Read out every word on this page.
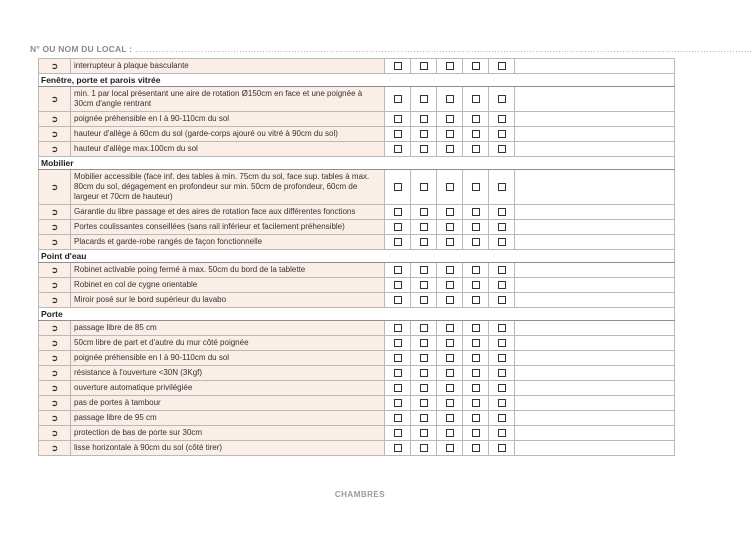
N° OU NOM DU LOCAL : ……………………………………………………………………………………………………………………………………………………………………………………………
➲	interrupteur à plaque basculante						
Fenêtre, porte et parois vitrée							
➲	min. 1 par local présentant une aire de rotation Ø150cm en face et une poignée à 30cm d'angle rentrant						
➲	poignée préhensible en I à 90-110cm du sol						
➲	hauteur d'allège à 60cm du sol (garde-corps ajouré ou vitré à 90cm du sol)						
➲	hauteur d'allège max.100cm du sol						
Mobilier							
➲	Mobilier accessible (face inf. des tables à min. 75cm du sol, face sup. tables à max. 80cm du sol, dégagement en profondeur sur min. 50cm de profondeur, 60cm de largeur et 70cm de hauteur)						
➲	Garantie du libre passage et des aires de rotation face aux différentes fonctions						
➲	Portes coulissantes conseillées (sans rail inférieur et facilement préhensible)						
➲	Placards et garde-robe rangés de façon fonctionnelle						
Point d'eau							
➲	Robinet activable poing fermé à max. 50cm du bord de la tablette						
➲	Robinet en col de cygne orientable						
➲	Miroir posé sur le bord supérieur du lavabo						
Porte							
➲	passage libre de 85 cm						
➲	50cm libre de part et d'autre du mur côté poignée						
➲	poignée préhensible en I à 90-110cm du sol						
➲	résistance à l'ouverture <30N (3Kgf)						
➲	ouverture automatique privilégiée						
➲	pas de portes à tambour						
➲	passage libre de 95 cm						
➲	protection de bas de porte sur 30cm						
➲	lisse horizontale à 90cm du sol (côté tirer)						
CHAMBRES
